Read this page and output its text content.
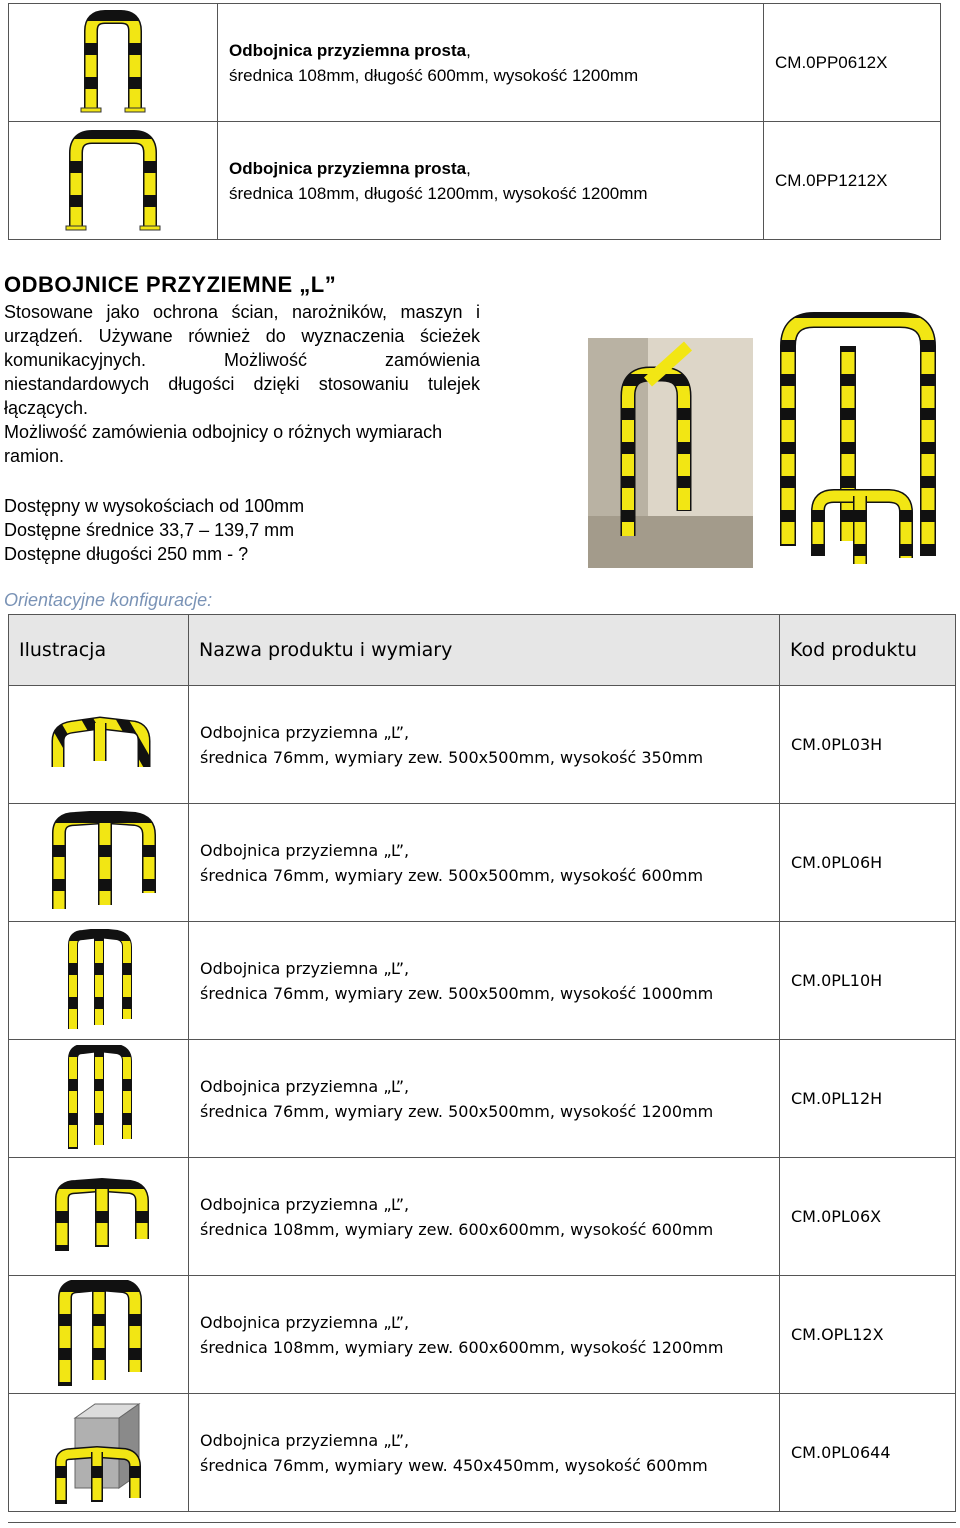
Odbojnica przyziemna prosta,
średnica 108mm, długość 600mm, wysokość 1200mm	CM.0PP0612X

Odbojnica przyziemna prosta,
średnica 108mm, długość 1200mm, wysokość 1200mm	CM.0PP1212X
ODBOJNICE PRZYZIEMNE „L”
Stosowane jako ochrona ścian, narożników, maszyn i urządzeń. Używane również do wyznaczenia ścieżek komunikacyjnych. Możliwość zamówienia niestandardowych długości dzięki stosowaniu tulejek łączących.
Możliwość zamówienia odbojnicy o różnych wymiarach ramion.
Dostępny w wysokościach od 100mm
Dostępne średnice 33,7 – 139,7 mm
Dostępne długości 250 mm - ?
Orientacyjne konfiguracje:
Ilustracja	Nazwa produktu i wymiary	Kod produktu

Odbojnica przyziemna „L”,
średnica 76mm, wymiary zew. 500x500mm, wysokość 350mm	CM.0PL03H

Odbojnica przyziemna „L”,
średnica 76mm, wymiary zew. 500x500mm, wysokość 600mm	CM.0PL06H

Odbojnica przyziemna „L”,
średnica 76mm, wymiary zew. 500x500mm, wysokość 1000mm	CM.0PL10H

Odbojnica przyziemna „L”,
średnica 76mm, wymiary zew. 500x500mm, wysokość 1200mm	CM.0PL12H

Odbojnica przyziemna „L”,
średnica 108mm, wymiary zew. 600x600mm, wysokość 600mm	CM.0PL06X

Odbojnica przyziemna „L”,
średnica 108mm, wymiary zew. 600x600mm, wysokość 1200mm	CM.OPL12X

Odbojnica przyziemna „L”,
średnica 76mm, wymiary wew. 450x450mm, wysokość 600mm	CM.0PL0644
